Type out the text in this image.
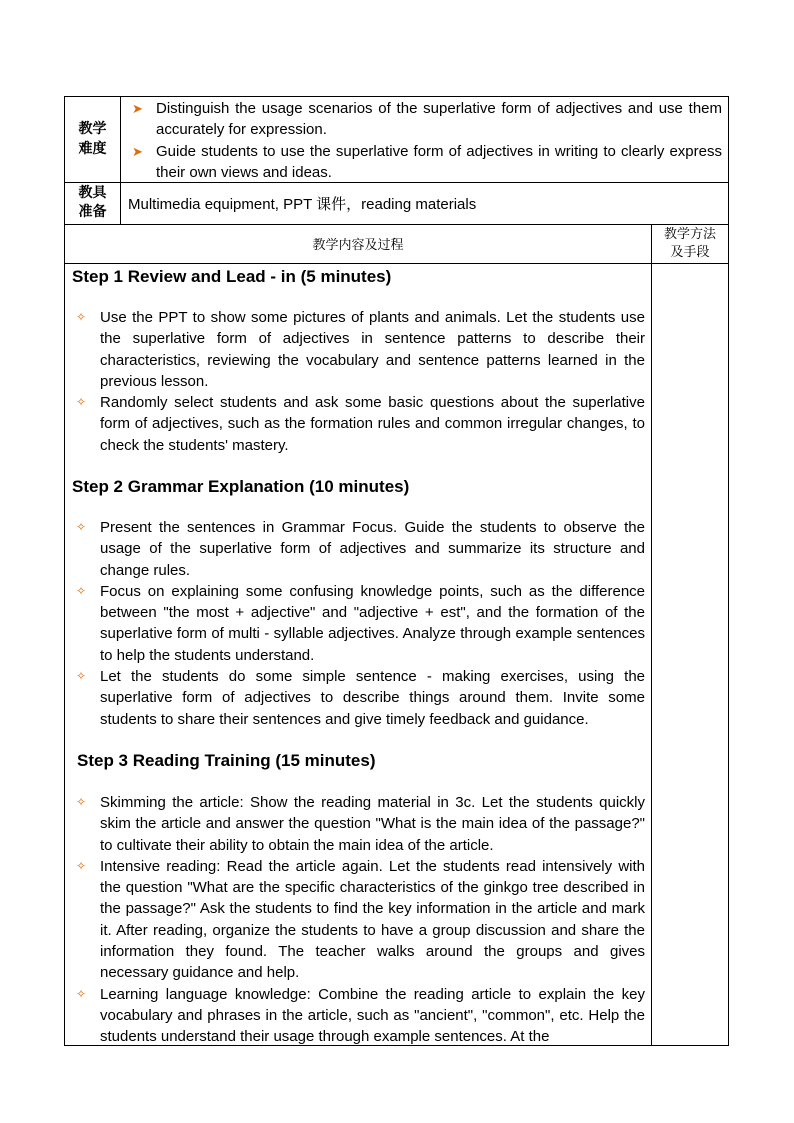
教学
难度
➤ Distinguish the usage scenarios of the superlative form of adjectives and use them accurately for expression.
➤ Guide students to use the superlative form of adjectives in writing to clearly express their own views and ideas.
教具
准备	Multimedia equipment, PPT 课件，reading materials
教学内容及过程
教学方法
及手段
Step 1 Review and Lead - in (5 minutes)
✧ Use the PPT to show some pictures of plants and animals. Let the students use the superlative form of adjectives in sentence patterns to describe their characteristics, reviewing the vocabulary and sentence patterns learned in the previous lesson.
✧ Randomly select students and ask some basic questions about the superlative form of adjectives, such as the formation rules and common irregular changes, to check the students' mastery.
Step 2 Grammar Explanation (10 minutes)
✧ Present the sentences in Grammar Focus. Guide the students to observe the usage of the superlative form of adjectives and summarize its structure and change rules.
✧ Focus on explaining some confusing knowledge points, such as the difference between "the most + adjective" and "adjective + est", and the formation of the superlative form of multi - syllable adjectives. Analyze through example sentences to help the students understand.
✧ Let the students do some simple sentence - making exercises, using the superlative form of adjectives to describe things around them. Invite some students to share their sentences and give timely feedback and guidance.
Step 3 Reading Training (15 minutes)
✧ Skimming the article: Show the reading material in 3c. Let the students quickly skim the article and answer the question "What is the main idea of the passage?" to cultivate their ability to obtain the main idea of the article.
✧ Intensive reading: Read the article again. Let the students read intensively with the question "What are the specific characteristics of the ginkgo tree described in the passage?" Ask the students to find the key information in the article and mark it. After reading, organize the students to have a group discussion and share the information they found. The teacher walks around the groups and gives necessary guidance and help.
✧ Learning language knowledge: Combine the reading article to explain the key vocabulary and phrases in the article, such as "ancient", "common", etc. Help the students understand their usage through example sentences. At the
